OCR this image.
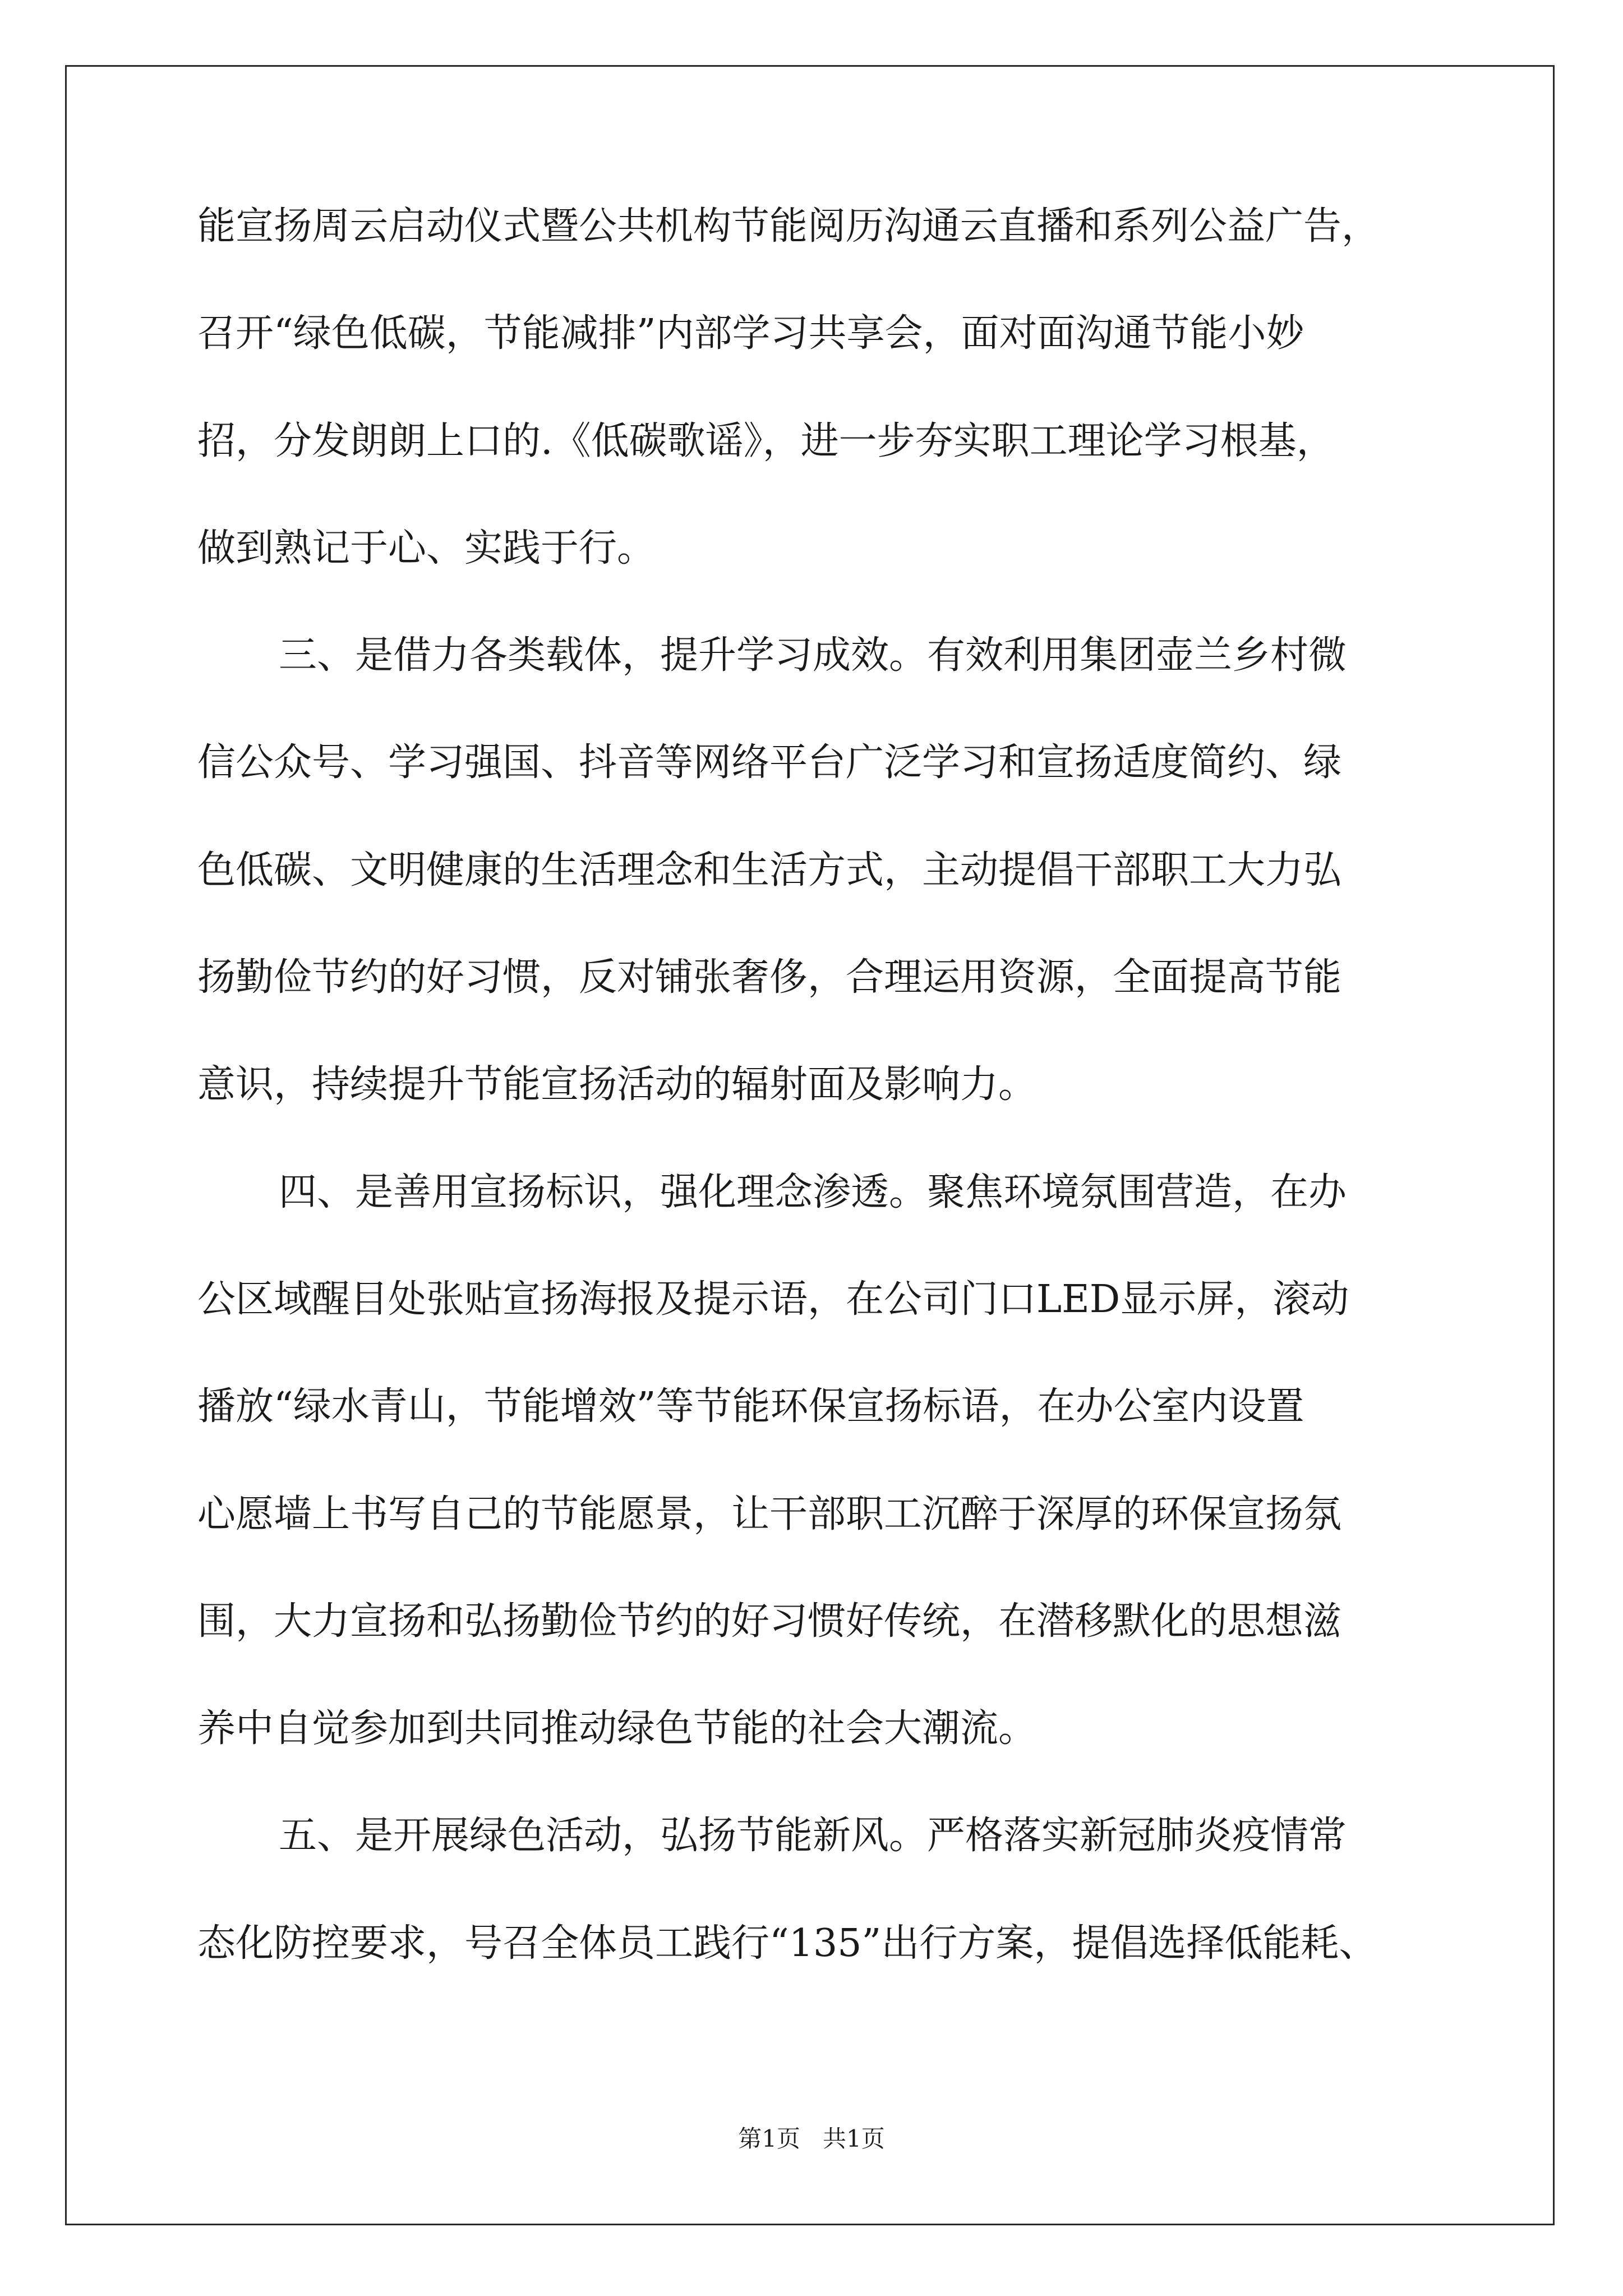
能宣扬周云启动仪式暨公共机构节能阅历沟通云直播和系列公益广告，
召开“绿色低碳，节能减排”内部学习共享会，面对面沟通节能小妙
招，分发朗朗上口的.《低碳歌谣》，进一步夯实职工理论学习根基，
做到熟记于心、实践于行。
三、是借力各类载体，提升学习成效。有效利用集团壶兰乡村微
信公众号、学习强国、抖音等网络平台广泛学习和宣扬适度简约、绿
色低碳、文明健康的生活理念和生活方式，主动提倡干部职工大力弘
扬勤俭节约的好习惯，反对铺张奢侈，合理运用资源，全面提高节能
意识，持续提升节能宣扬活动的辐射面及影响力。
四、是善用宣扬标识，强化理念渗透。聚焦环境氛围营造，在办
公区域醒目处张贴宣扬海报及提示语，在公司门口LED显示屏，滚动
播放“绿水青山，节能增效”等节能环保宣扬标语，在办公室内设置
心愿墙上书写自己的节能愿景，让干部职工沉醉于深厚的环保宣扬氛
围，大力宣扬和弘扬勤俭节约的好习惯好传统，在潜移默化的思想滋
养中自觉参加到共同推动绿色节能的社会大潮流。
五、是开展绿色活动，弘扬节能新风。严格落实新冠肺炎疫情常
态化防控要求，号召全体员工践行“135”出行方案，提倡选择低能耗、
第1页 共1页
